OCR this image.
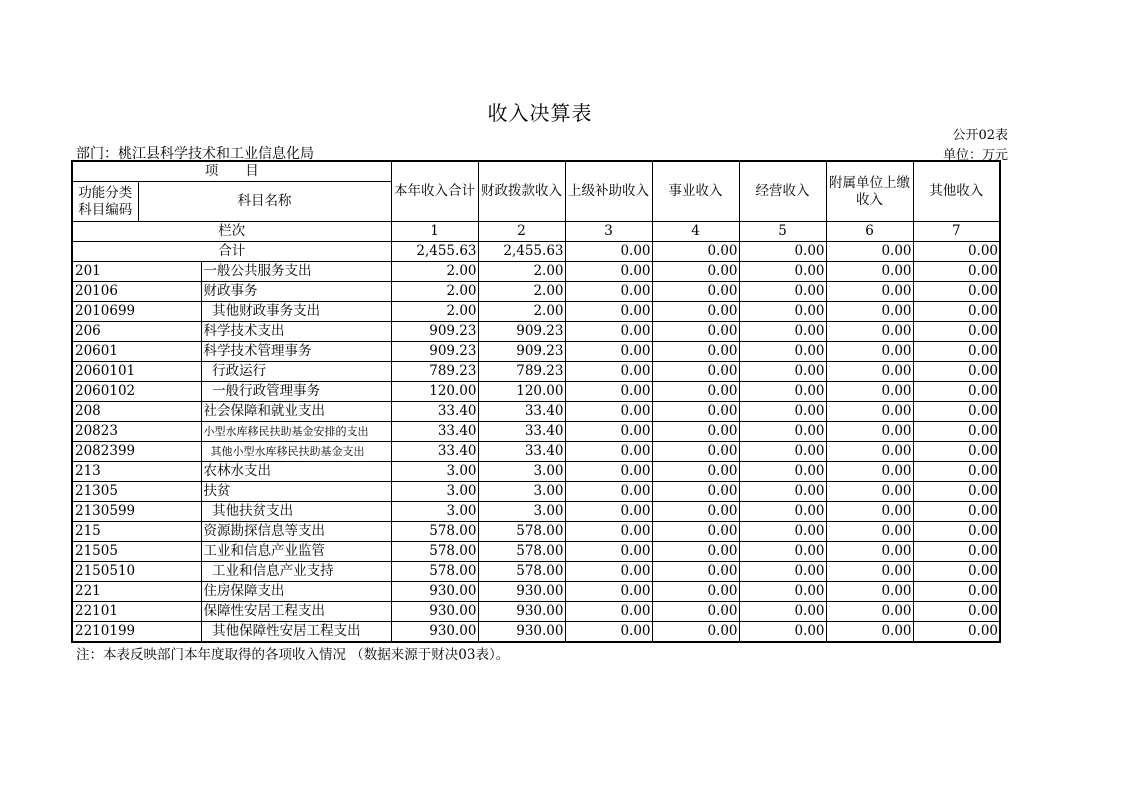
收入决算表
公开02表
部门：桃江县科学技术和工业信息化局	单位：万元
项　　目			本年收入合计	财政拨款收入	上级补助收入	事业收入	经营收入	附属单位上缴收入	其他收入
功能分类科目编码	科目名称								
栏次			1	2	3	4	5	6	7
合计			2,455.63	2,455.63	0.00	0.00	0.00	0.00	0.00
201		一般公共服务支出	2.00	2.00	0.00	0.00	0.00	0.00	0.00
20106		财政事务	2.00	2.00	0.00	0.00	0.00	0.00	0.00
2010699		其他财政事务支出	2.00	2.00	0.00	0.00	0.00	0.00	0.00
206		科学技术支出	909.23	909.23	0.00	0.00	0.00	0.00	0.00
20601		科学技术管理事务	909.23	909.23	0.00	0.00	0.00	0.00	0.00
2060101		行政运行	789.23	789.23	0.00	0.00	0.00	0.00	0.00
2060102		一般行政管理事务	120.00	120.00	0.00	0.00	0.00	0.00	0.00
208		社会保障和就业支出	33.40	33.40	0.00	0.00	0.00	0.00	0.00
20823		小型水库移民扶助基金安排的支出	33.40	33.40	0.00	0.00	0.00	0.00	0.00
2082399		其他小型水库移民扶助基金支出	33.40	33.40	0.00	0.00	0.00	0.00	0.00
213		农林水支出	3.00	3.00	0.00	0.00	0.00	0.00	0.00
21305		扶贫	3.00	3.00	0.00	0.00	0.00	0.00	0.00
2130599		其他扶贫支出	3.00	3.00	0.00	0.00	0.00	0.00	0.00
215		资源勘探信息等支出	578.00	578.00	0.00	0.00	0.00	0.00	0.00
21505		工业和信息产业监管	578.00	578.00	0.00	0.00	0.00	0.00	0.00
2150510		工业和信息产业支持	578.00	578.00	0.00	0.00	0.00	0.00	0.00
221		住房保障支出	930.00	930.00	0.00	0.00	0.00	0.00	0.00
22101		保障性安居工程支出	930.00	930.00	0.00	0.00	0.00	0.00	0.00
2210199		其他保障性安居工程支出	930.00	930.00	0.00	0.00	0.00	0.00	0.00
注：本表反映部门本年度取得的各项收入情况 （数据来源于财决03表）。
